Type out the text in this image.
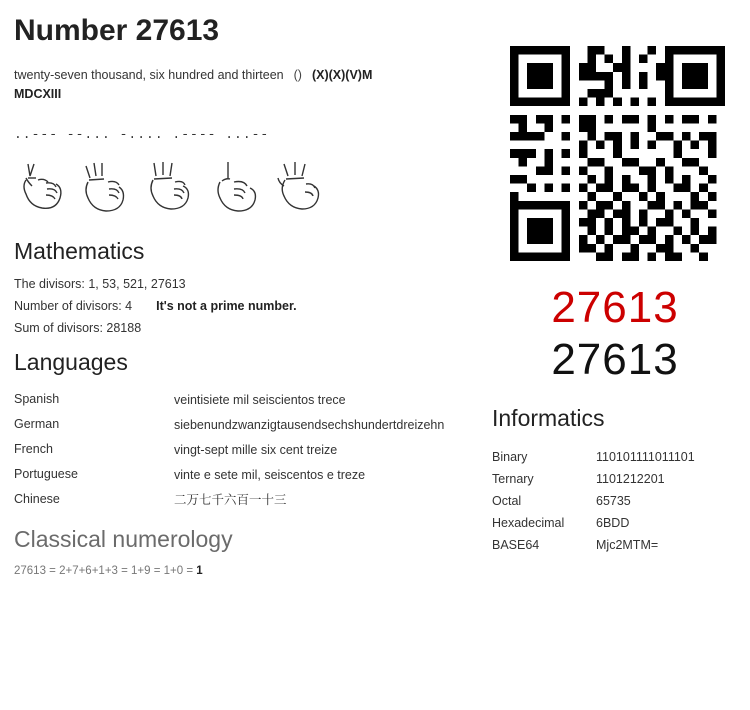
Number 27613
twenty-seven thousand, six hundred and thirteen () (X)(X)(V)M
MDCXIII
..--- --... -.... .---- ...--
Mathematics
The divisors: 1, 53, 521, 27613
Number of divisors: 4 It's not a prime number.
Sum of divisors: 28188
Languages
Spanish	veintisiete mil seiscientos trece
German	siebenundzwanzigtausendsechshundertdreizehn
French	vingt-sept mille six cent treize
Portuguese	vinte e sete mil, seiscentos e treze
Chinese	二万七千六百一十三
Classical numerology
27613 = 2+7+6+1+3 = 1+9 = 1+0 = 1
27613
27613
Informatics
Binary	110101111011101
Ternary	1101212201
Octal	65735
Hexadecimal	6BDD
BASE64	Mjc2MTM=
